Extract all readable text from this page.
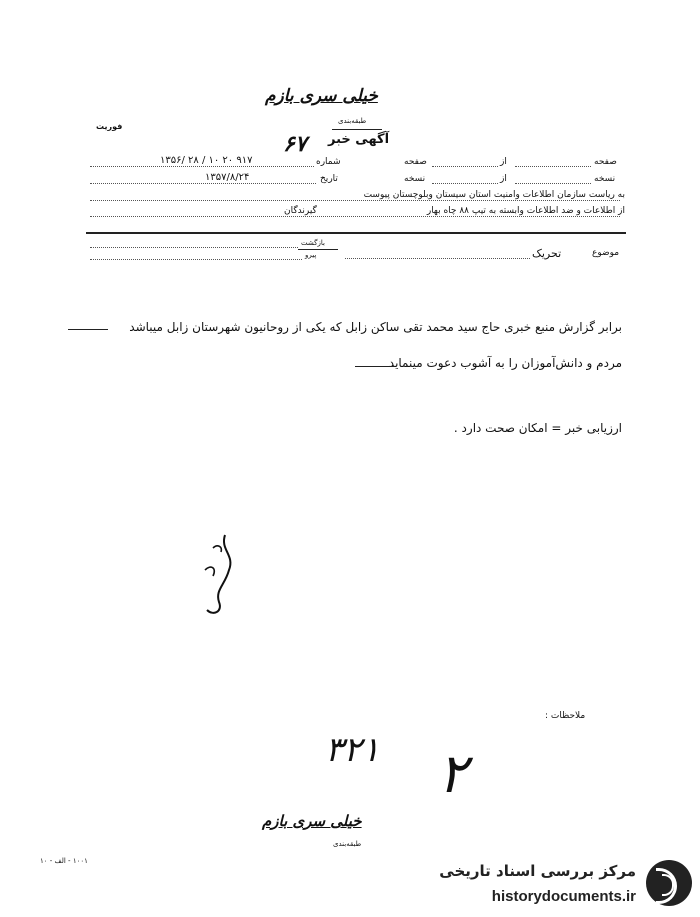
خیلی سری بازم
طبقه‌بندی
فوریت
آگهی خبر
۶۷
صفحه
از
صفحه
شماره
۱۳۵۶/ ۲۸ / ۱۰ ۲۰ ۹۱۷
نسخه
از
نسخه
تاریخ
۱۳۵۷/۸/۲۴
به ریاست سازمان اطلاعات وامنیت استان سیستان وبلوچستان پیوست
از اطلاعات و ضد اطلاعات وابسته به تیپ ۸۸ چاه بهار
گیرندگان
بازگشت
پیرو	موضوع
تحریک
برابر گزارش منبع خبری حاج سید محمد تقی ساکن زابل که یکی از روحانیون شهرستان زابل میباشد
مردم و دانش‌آموزان را به آشوب دعوت مینماید
ارزیابی خبر = امکان صحت دارد .
ملاحظات :
۳۲۱ ۲
خیلی سری بازم
طبقه‌بندی
۱۰۰۱ - الف - ۱۰
مرکز بررسی اسناد تاریخی
historydocuments.ir
